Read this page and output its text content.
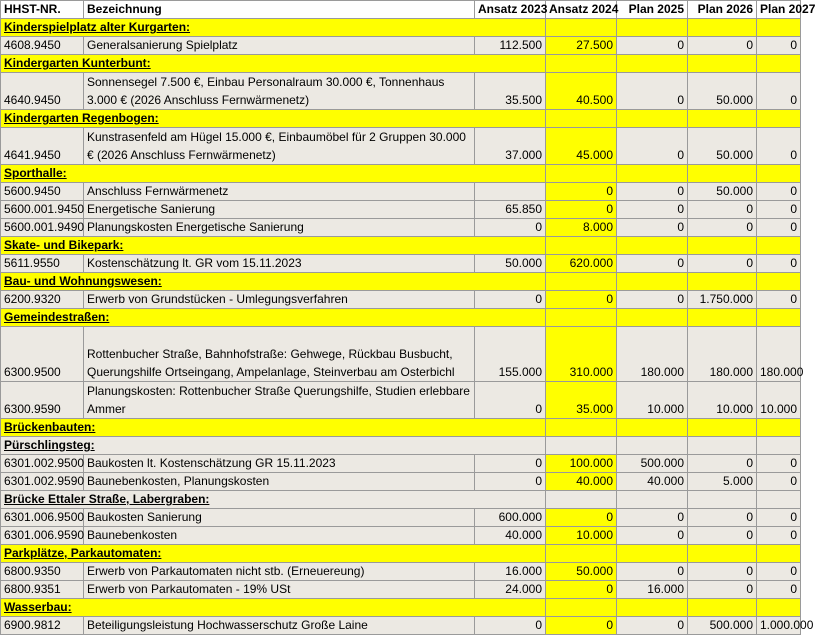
HHST-NR.	Bezeichnung	Ansatz 2023	Ansatz 2024	Plan 2025	Plan 2026	Plan 2027
Kinderspielplatz alter Kurgarten:						
4608.9450	Generalsanierung Spielplatz	112.500	27.500	0	0	0
Kindergarten Kunterbunt:						
4640.9450	Sonnensegel 7.500 €, Einbau Personalraum 30.000 €, Tonnenhaus 3.000 € (2026 Anschluss Fernwärmenetz)	35.500	40.500	0	50.000	0
Kindergarten Regenbogen:						
4641.9450	Kunstrasenfeld am Hügel 15.000 €, Einbaumöbel für 2 Gruppen 30.000 € (2026 Anschluss Fernwärmenetz)	37.000	45.000	0	50.000	0
Sporthalle:						
5600.9450	Anschluss Fernwärmenetz		0	0	50.000	0
5600.001.9450	Energetische Sanierung	65.850	0	0	0	0
5600.001.9490	Planungskosten Energetische Sanierung	0	8.000	0	0	0
Skate- und Bikepark:						
5611.9550	Kostenschätzung lt. GR vom 15.11.2023	50.000	620.000	0	0	0
Bau- und Wohnungswesen:						
6200.9320	Erwerb von Grundstücken - Umlegungsverfahren	0	0	0	1.750.000	0
Gemeindestraßen:						
6300.9500	Rottenbucher Straße, Bahnhofstraße: Gehwege, Rückbau Busbucht, Querungshilfe Ortseingang, Ampelanlage, Steinverbau am Osterbichl	155.000	310.000	180.000	180.000	180.000
6300.9590	Planungskosten: Rottenbucher Straße Querungshilfe, Studien erlebbare Ammer	0	35.000	10.000	10.000	10.000
Brückenbauten:						
Pürschlingsteg:						
6301.002.9500	Baukosten lt. Kostenschätzung GR 15.11.2023	0	100.000	500.000	0	0
6301.002.9590	Baunebenkosten, Planungskosten	0	40.000	40.000	5.000	0
Brücke Ettaler Straße, Labergraben:						
6301.006.9500	Baukosten Sanierung	600.000	0	0	0	0
6301.006.9590	Baunebenkosten	40.000	10.000	0	0	0
Parkplätze, Parkautomaten:						
6800.9350	Erwerb von Parkautomaten nicht stb. (Erneuereung)	16.000	50.000	0	0	0
6800.9351	Erwerb von Parkautomaten - 19% USt	24.000	0	16.000	0	0
Wasserbau:						
6900.9812	Beteiligungsleistung Hochwasserschutz Große Laine	0	0	0	500.000	1.000.000
